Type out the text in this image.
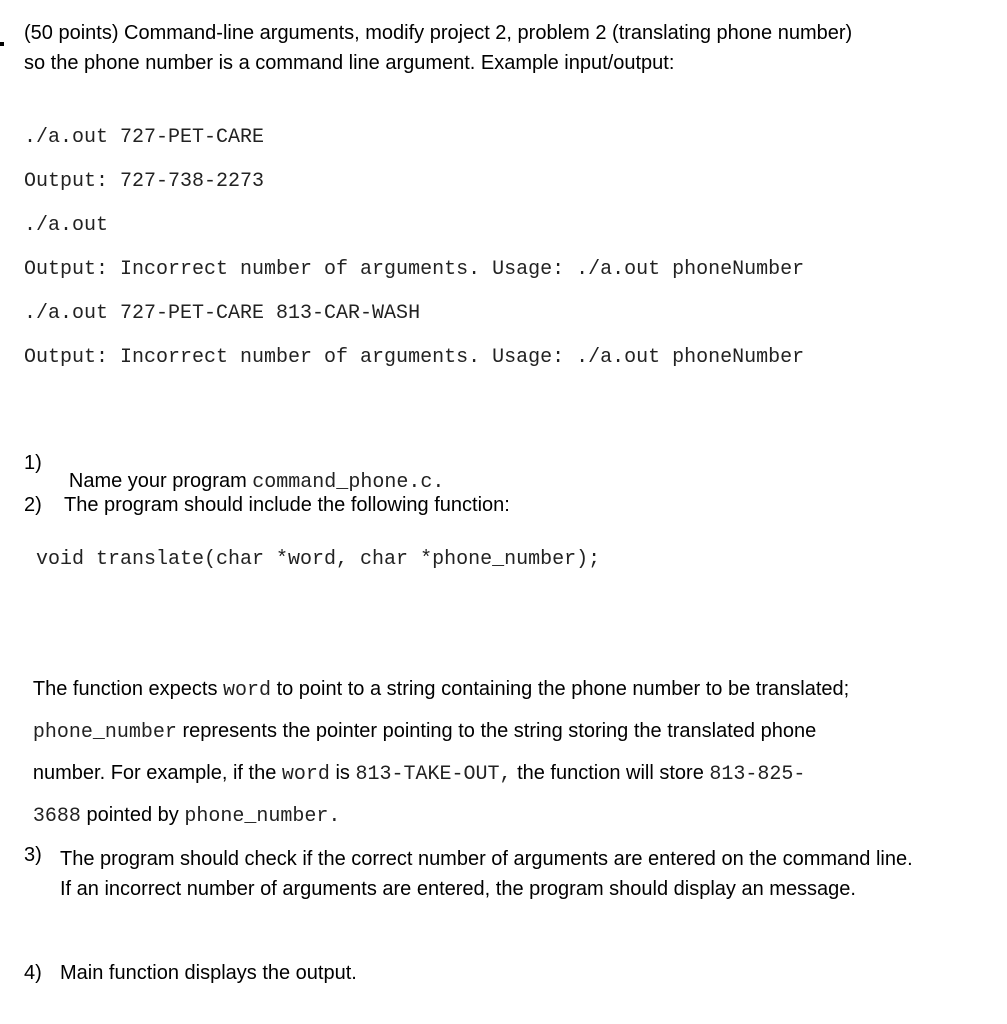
(50 points) Command-line arguments, modify project 2, problem 2 (translating phone number)
so the phone number is a command line argument. Example input/output:
./a.out 727-PET-CARE
Output: 727-738-2273
./a.out
Output: Incorrect number of arguments. Usage: ./a.out phoneNumber
./a.out 727-PET-CARE 813-CAR-WASH
Output: Incorrect number of arguments. Usage: ./a.out phoneNumber
1)

Name your program command_phone.c.

2) The program should include the following function:
void translate(char *word, char *phone_number);

The function expects word to point to a string containing the phone number to be translated;

phone_number represents the pointer pointing to the string storing the translated phone

number. For example, if the word is 813-TAKE-OUT, the function will store 813-825-

3688 pointed by phone_number.

3) The program should check if the correct number of arguments are entered on the command line. If an incorrect number of arguments are entered, the program should display an message.
4) Main function displays the output.
